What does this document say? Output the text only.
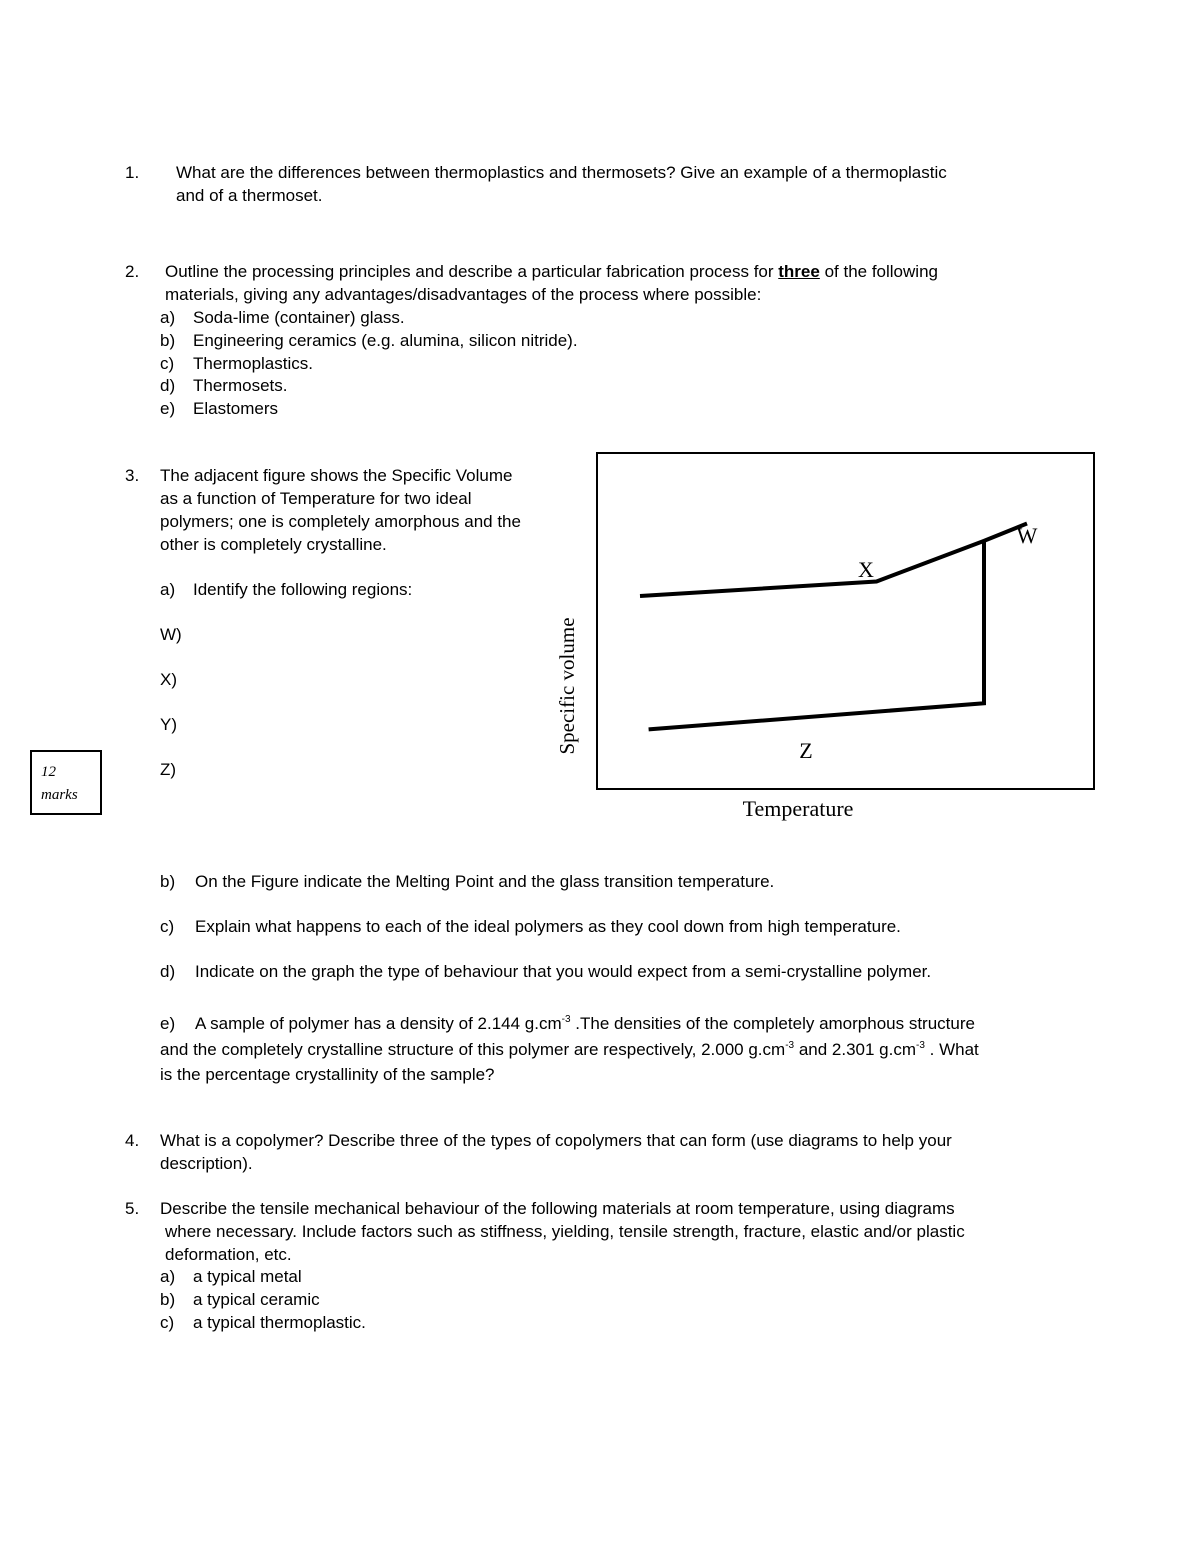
1. What are the differences between thermoplastics and thermosets? Give an example of a thermoplastic
and of a thermoset.
2. Outline the processing principles and describe a particular fabrication process for three of the following
materials, giving any advantages/disadvantages of the process where possible:
a) Soda-lime (container) glass.
b) Engineering ceramics (e.g. alumina, silicon nitride).
c) Thermoplastics.
d) Thermosets.
e) Elastomers
3. The adjacent figure shows the Specific Volume
as a function of Temperature for two ideal
polymers; one is completely amorphous and the
other is completely crystalline.
a) Identify the following regions:
W)
X)
Y)
Z)
12
marks
W
X
Z
Temperature
Specific volume
b) On the Figure indicate the Melting Point and the glass transition temperature.
c) Explain what happens to each of the ideal polymers as they cool down from high temperature.
d) Indicate on the graph the type of behaviour that you would expect from a semi-crystalline polymer.
e) A sample of polymer has a density of 2.144 $g.cm^{-3}$ .The densities of the completely amorphous structure
and the completely crystalline structure of this polymer are respectively, 2.000 $g.cm^{-3}$ and 2.301 $g.cm^{-3}$ . What
is the percentage crystallinity of the sample?
4. What is a copolymer? Describe three of the types of copolymers that can form (use diagrams to help your
description).
5. Describe the tensile mechanical behaviour of the following materials at room temperature, using diagrams
where necessary. Include factors such as stiffness, yielding, tensile strength, fracture, elastic and/or plastic
deformation, etc.
a) a typical metal
b) a typical ceramic
c) a typical thermoplastic.
